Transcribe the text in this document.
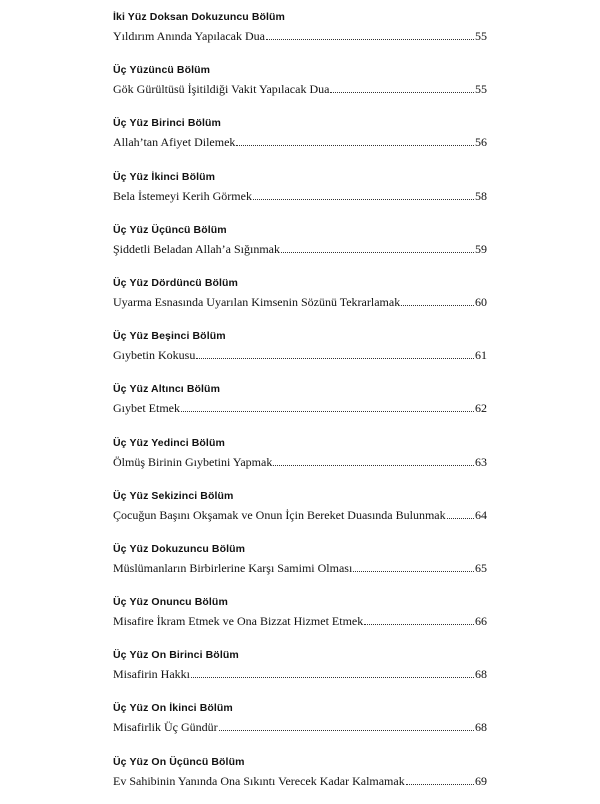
İki Yüz Doksan Dokuzuncu Bölüm
Yıldırım Anında Yapılacak Dua	55
Üç Yüzüncü Bölüm
Gök Gürültüsü İşitildiği Vakit Yapılacak Dua	55
Üç Yüz Birinci Bölüm
Allah’tan Afiyet Dilemek	56
Üç Yüz İkinci Bölüm
Bela İstemeyi Kerih Görmek	58
Üç Yüz Üçüncü Bölüm
Şiddetli Beladan Allah’a Sığınmak	59
Üç Yüz Dördüncü Bölüm
Uyarma Esnasında Uyarılan Kimsenin Sözünü Tekrarlamak	60
Üç Yüz Beşinci Bölüm
Gıybetin Kokusu	61
Üç Yüz Altıncı Bölüm
Gıybet Etmek	62
Üç Yüz Yedinci Bölüm
Ölmüş Birinin Gıybetini Yapmak	63
Üç Yüz Sekizinci Bölüm
Çocuğun Başını Okşamak ve Onun İçin Bereket Duasında Bulunmak 64
Üç Yüz Dokuzuncu Bölüm
Müslümanların Birbirlerine Karşı Samimi Olması	65
Üç Yüz Onuncu Bölüm
Misafire İkram Etmek ve Ona Bizzat Hizmet Etmek	66
Üç Yüz On Birinci Bölüm
Misafirin Hakkı	68
Üç Yüz On İkinci Bölüm
Misafirlik Üç Gündür	68
Üç Yüz On Üçüncü Bölüm
Ev Sahibinin Yanında Ona Sıkıntı Verecek Kadar Kalmamak	69
